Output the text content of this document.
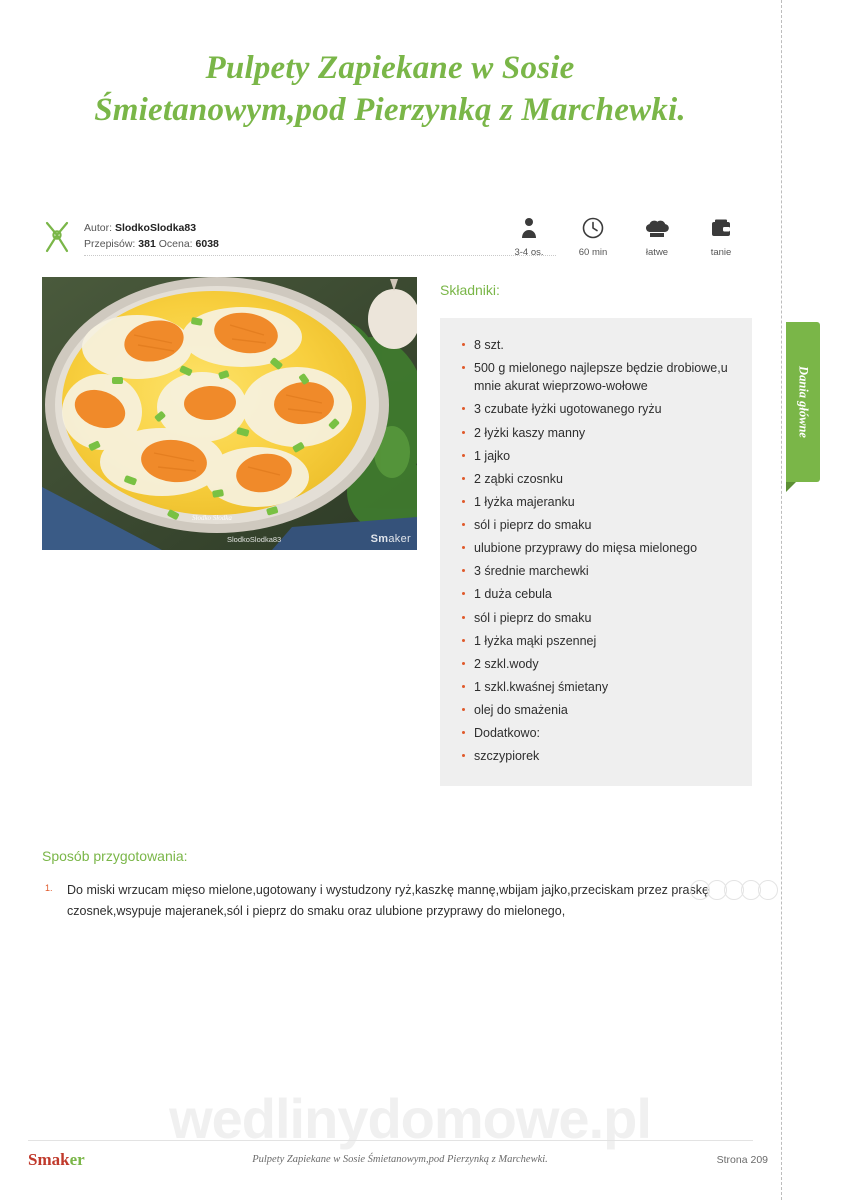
Pulpety Zapiekane w Sosie Śmietanowym,pod Pierzynką z Marchewki.
Autor: SlodkoSlodka83
Przepisów: 381 Ocena: 6038
3-4 os.	60 min	łatwe	tanie
Słodko Słodka
Smaker
SlodkoSlodka83
Składniki:
8 szt.
500 g mielonego najlepsze będzie drobiowe,u mnie akurat wieprzowo-wołowe
3 czubate łyżki ugotowanego ryżu
2 łyżki kaszy manny
1 jajko
2 ząbki czosnku
1 łyżka majeranku
sól i pieprz do smaku
ulubione przyprawy do mięsa mielonego
3 średnie marchewki
1 duża cebula
sól i pieprz do smaku
1 łyżka mąki pszennej
2 szkl.wody
1 szkl.kwaśnej śmietany
olej do smażenia
Dodatkowo:
szczypiorek
Dania główne
Sposób przygotowania:
1. Do miski wrzucam mięso mielone,ugotowany i wystudzony ryż,kaszkę mannę,wbijam jajko,przeciskam przez praskę czosnek,wsypuje majeranek,sól i pieprz do smaku oraz ulubione przyprawy do mielonego,
wedlinydomowe.pl
Smaker	Pulpety Zapiekane w Sosie Śmietanowym,pod Pierzynką z Marchewki.	Strona 209
